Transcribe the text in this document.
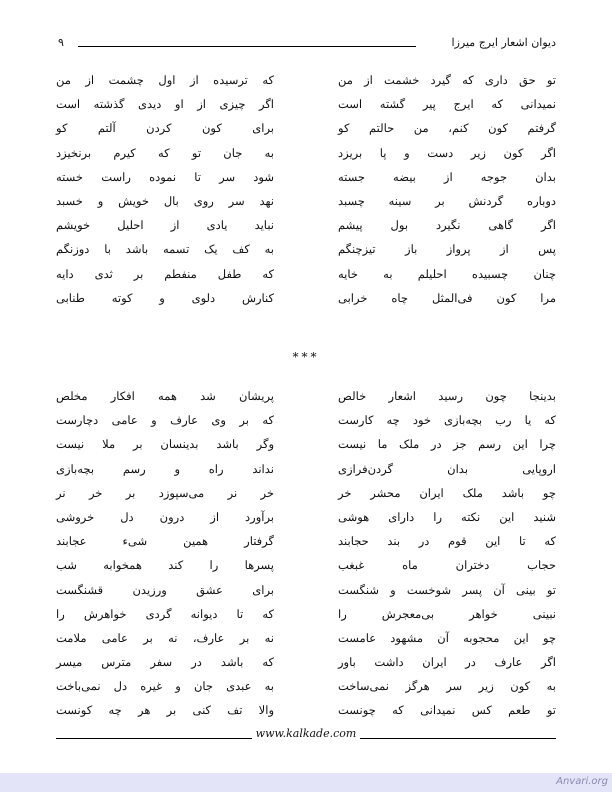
۹	دیوان اشعار ایرج میرزا
تو حق داری که گیرد خشمت از من
که ترسیده از اول چشمت از من
نمیدانی که ایرج پیر گشته است
اگر چیزی از او دیدی گذشته است
گرفتم کون کنم، من حالتم کو
برای کون کردن آلتم کو
اگر کون زیر دست و پا بریزد
به جان تو که کیرم برنخیزد
بدان جوجه از بیضه جسته
شود سر تا نموده راست خسته
دوباره گردنش بر سینه چسبد
نهد سر روی بال خویش و خسبد
اگر گاهی نگیرد بول پیشم
نباید یادی از احلیل خویشم
پس از پرواز باز تیزچنگم
به کف یک تسمه باشد با دوزنگم
چنان چسبیده احلیلم به خایه
که طفل منفطم بر ثدی دایه
مرا کون فی‌المثل چاه خرابی
کنارش دلوی و کوته طنابی
***
بدینجا چون رسید اشعار خالص
پریشان شد همه افکار مخلص
که یا رب بچه‌بازی خود چه کارست
که بر وی عارف و عامی دچارست
چرا این رسم جز در ملک ما نیست
وگر باشد بدینسان بر ملا نیست
اروپایی بدان گردن‌فرازی
نداند راه و رسم بچه‌بازی
چو باشد ملک ایران محشر خر
خر نر می‌سپوزد بر خر نر
شنید این نکته را دارای هوشی
برآورد از درون دل خروشی
که تا این قوم در بند حجابند
گرفتار همین شیء عجابند
حجاب دختران ماه غبغب
پسرها را کند همخوابه شب
تو بینی آن پسر شوخست و شنگست
برای عشق ورزیدن قشنگست
نبینی خواهر بی‌معجرش را
که تا دیوانه گردی خواهرش را
چو این محجوبه آن مشهود عامست
نه بر عارف، نه بر عامی ملامت
اگر عارف در ایران داشت باور
که باشد در سفر مترس میسر
به کون زیر سر هرگز نمی‌ساخت
به عبدی جان و غیره دل نمی‌باخت
تو طعم کس نمیدانی که چونست
والا تف کنی بر هر چه کونست
www.kalkade.com
Anvari.org
